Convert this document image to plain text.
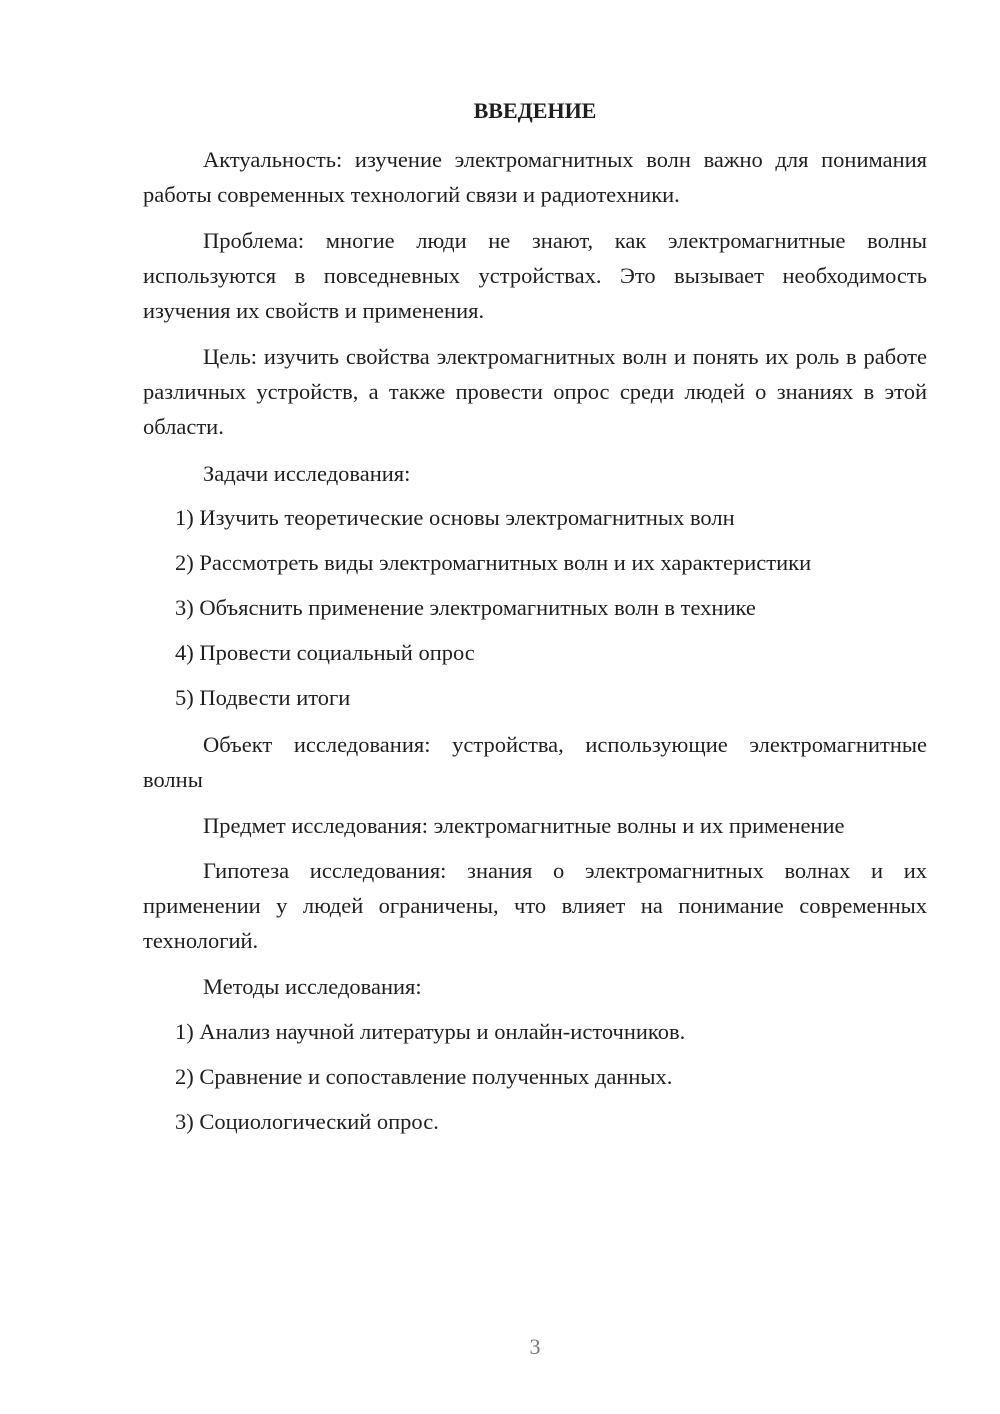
ВВЕДЕНИЕ

Актуальность: изучение электромагнитных волн важно для понимания работы современных технологий связи и радиотехники.

Проблема: многие люди не знают, как электромагнитные волны используются в повседневных устройствах. Это вызывает необходимость изучения их свойств и применения.

Цель: изучить свойства электромагнитных волн и понять их роль в работе различных устройств, а также провести опрос среди людей о знаниях в этой области.

Задачи исследования:

1) Изучить теоретические основы электромагнитных волн

2) Рассмотреть виды электромагнитных волн и их характеристики

3) Объяснить применение электромагнитных волн в технике

4) Провести социальный опрос

5) Подвести итоги

Объект исследования: устройства, использующие электромагнитные волны

Предмет исследования: электромагнитные волны и их применение

Гипотеза исследования: знания о электромагнитных волнах и их применении у людей ограничены, что влияет на понимание современных технологий.

Методы исследования:

1) Анализ научной литературы и онлайн-источников.

2) Сравнение и сопоставление полученных данных.

3) Социологический опрос.

3
